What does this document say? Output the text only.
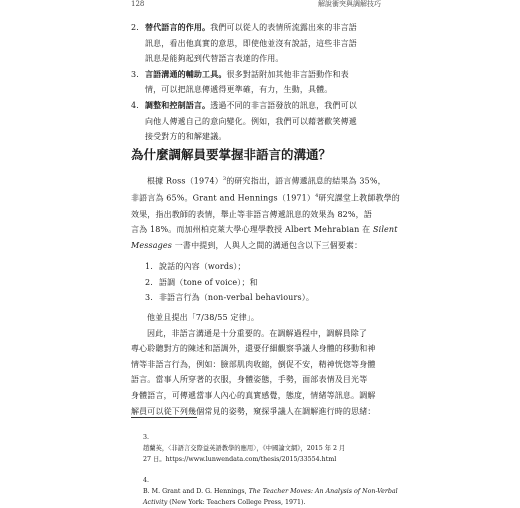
128	解說衝突與調解技巧
2. 替代語言的作用。我們可以從人的表情所流露出來的非言語

訊息，看出他真實的意思，即使他並沒有說話，這些非言語

訊息是能夠起到代替語言表達的作用。

3. 言語溝通的輔助工具。很多對話附加其他非言語動作和表

情，可以把訊息傳遞得更準確，有力，生動，具體。

4. 調整和控制語言。透過不同的非言語發放的訊息，我們可以

向他人傳遞自己的意向變化。例如，我們可以藉著歡笑傳遞

接受對方的和解建議。

為什麼調解員要掌握非語言的溝通？

根據 $Ross(1974)^3$的研究指出，語言傳遞訊息的結果為 35%，

非語言為 65%。Grant and $Hennings(1971)^4$研究課堂上教師教學的

效果，指出教師的表情，舉止等非語言傳遞訊息的效果為 82%，語

言為 18%。而加州柏克萊大學心理學教授 Albert Mehrabian 在 Silent

Messages 一書中提到，人與人之間的溝通包含以下三個要素：

1. 說話的內容（words）；

2. 語調（tone of voice）；和

3. 非語言行為（non-verbal behaviours）。

他並且提出「7/38/55 定律」。

因此，非語言溝通是十分重要的。在調解過程中，調解員除了

專心聆聽對方的陳述和語調外，還要仔細觀察爭議人身體的移動和神

情等非語言行為，例如：臉部肌肉收縮，倒促不安，精神恍惚等身體

語言。當事人所穿著的衣服，身體姿態，手勢，面部表情及目光等

身體語言，可傳遞當事人內心的真實感覺，態度，情緒等訊息。調解

解員可以從下列幾個常見的姿勢，窺探爭議人在調解進行時的思緒：

3.

趙蘭英，〈非語言交際益英語教學的應用〉，《中國論文網》，2015 年 2 月

27 日。https://www.lunwendata.com/thesis/2015/33554.html

4.

B. M. Grant and D. G. Hennings, The Teacher Moves: An Analysis of Non-Verbal

Activity (New York: Teachers College Press, 1971).
